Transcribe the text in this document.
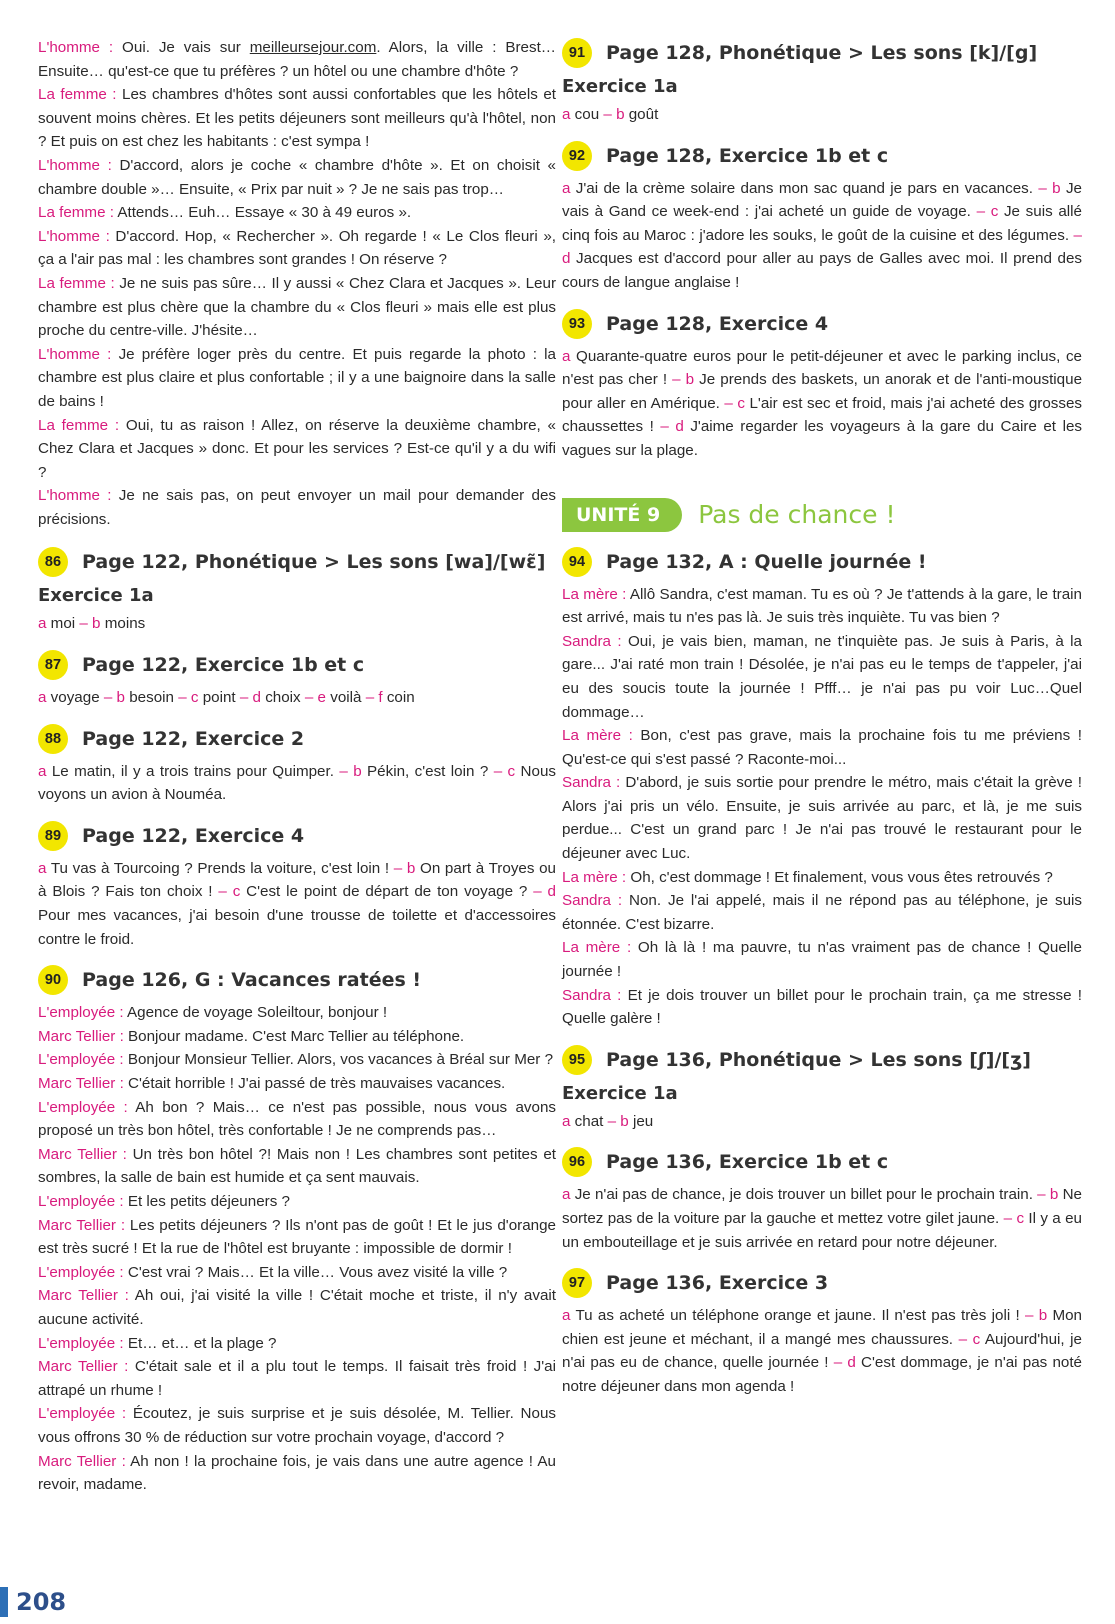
L'homme : Oui. Je vais sur meilleursejour.com. Alors, la ville : Brest… Ensuite… qu'est-ce que tu préfères ? un hôtel ou une chambre d'hôte ?

La femme : Les chambres d'hôtes sont aussi confortables que les hôtels et souvent moins chères. Et les petits déjeuners sont meilleurs qu'à l'hôtel, non ? Et puis on est chez les habitants : c'est sympa !

L'homme : D'accord, alors je coche « chambre d'hôte ». Et on choisit « chambre double »… Ensuite, « Prix par nuit » ? Je ne sais pas trop…

La femme : Attends… Euh… Essaye « 30 à 49 euros ».

L'homme : D'accord. Hop, « Rechercher ». Oh regarde ! « Le Clos fleuri », ça a l'air pas mal : les chambres sont grandes ! On réserve ?

La femme : Je ne suis pas sûre… Il y aussi « Chez Clara et Jacques ». Leur chambre est plus chère que la chambre du « Clos fleuri » mais elle est plus proche du centre-ville. J'hésite…

L'homme : Je préfère loger près du centre. Et puis regarde la photo : la chambre est plus claire et plus confortable ; il y a une baignoire dans la salle de bains !

La femme : Oui, tu as raison ! Allez, on réserve la deuxième chambre, « Chez Clara et Jacques » donc. Et pour les services ? Est-ce qu'il y a du wifi ?

L'homme : Je ne sais pas, on peut envoyer un mail pour demander des précisions.

86	Page 122, Phonétique > Les sons [wa]/[wɛ̃]
Exercice 1a

a moi – b moins

87	Page 122, Exercice 1b et c

a voyage – b besoin – c point – d choix – e voilà – f coin

88	Page 122, Exercice 2

a Le matin, il y a trois trains pour Quimper. – b Pékin, c'est loin ? – c Nous voyons un avion à Nouméa.

89	Page 122, Exercice 4

a Tu vas à Tourcoing ? Prends la voiture, c'est loin ! – b On part à Troyes ou à Blois ? Fais ton choix ! – c C'est le point de départ de ton voyage ? – d Pour mes vacances, j'ai besoin d'une trousse de toilette et d'accessoires contre le froid.

90	Page 126, G : Vacances ratées !

L'employée : Agence de voyage Soleiltour, bonjour !

Marc Tellier : Bonjour madame. C'est Marc Tellier au téléphone.

L'employée : Bonjour Monsieur Tellier. Alors, vos vacances à Bréal sur Mer ?

Marc Tellier : C'était horrible ! J'ai passé de très mauvaises vacances.

L'employée : Ah bon ? Mais… ce n'est pas possible, nous vous avons proposé un très bon hôtel, très confortable ! Je ne comprends pas…

Marc Tellier : Un très bon hôtel ?! Mais non ! Les chambres sont petites et sombres, la salle de bain est humide et ça sent mauvais.

L'employée : Et les petits déjeuners ?

Marc Tellier : Les petits déjeuners ? Ils n'ont pas de goût ! Et le jus d'orange est très sucré ! Et la rue de l'hôtel est bruyante : impossible de dormir !

L'employée : C'est vrai ? Mais… Et la ville… Vous avez visité la ville ?

Marc Tellier : Ah oui, j'ai visité la ville ! C'était moche et triste, il n'y avait aucune activité.

L'employée : Et… et… et la plage ?

Marc Tellier : C'était sale et il a plu tout le temps. Il faisait très froid ! J'ai attrapé un rhume !

L'employée : Écoutez, je suis surprise et je suis désolée, M. Tellier. Nous vous offrons 30 % de réduction sur votre prochain voyage, d'accord ?

Marc Tellier : Ah non ! la prochaine fois, je vais dans une autre agence ! Au revoir, madame.

91	Page 128, Phonétique > Les sons [k]/[g]
Exercice 1a

a cou – b goût

92	Page 128, Exercice 1b et c

a J'ai de la crème solaire dans mon sac quand je pars en vacances. – b Je vais à Gand ce week-end : j'ai acheté un guide de voyage. – c Je suis allé cinq fois au Maroc : j'adore les souks, le goût de la cuisine et des légumes. – d Jacques est d'accord pour aller au pays de Galles avec moi. Il prend des cours de langue anglaise !

93	Page 128, Exercice 4

a Quarante-quatre euros pour le petit-déjeuner et avec le parking inclus, ce n'est pas cher ! – b Je prends des baskets, un anorak et de l'anti-moustique pour aller en Amérique. – c L'air est sec et froid, mais j'ai acheté des grosses chaussettes ! – d J'aime regarder les voyageurs à la gare du Caire et les vagues sur la plage.

UNITÉ 9	Pas de chance !
94	Page 132, A : Quelle journée !

La mère : Allô Sandra, c'est maman. Tu es où ? Je t'attends à la gare, le train est arrivé, mais tu n'es pas là. Je suis très inquiète. Tu vas bien ?

Sandra : Oui, je vais bien, maman, ne t'inquiète pas. Je suis à Paris, à la gare... J'ai raté mon train ! Désolée, je n'ai pas eu le temps de t'appeler, j'ai eu des soucis toute la journée ! Pfff… je n'ai pas pu voir Luc…Quel dommage…

La mère : Bon, c'est pas grave, mais la prochaine fois tu me préviens ! Qu'est-ce qui s'est passé ? Raconte-moi...

Sandra : D'abord, je suis sortie pour prendre le métro, mais c'était la grève ! Alors j'ai pris un vélo. Ensuite, je suis arrivée au parc, et là, je me suis perdue... C'est un grand parc ! Je n'ai pas trouvé le restaurant pour le déjeuner avec Luc.

La mère : Oh, c'est dommage ! Et finalement, vous vous êtes retrouvés ?

Sandra : Non. Je l'ai appelé, mais il ne répond pas au téléphone, je suis étonnée. C'est bizarre.

La mère : Oh là là ! ma pauvre, tu n'as vraiment pas de chance ! Quelle journée !

Sandra : Et je dois trouver un billet pour le prochain train, ça me stresse ! Quelle galère !

95	Page 136, Phonétique > Les sons [ʃ]/[ʒ]
Exercice 1a

a chat – b jeu

96	Page 136, Exercice 1b et c

a Je n'ai pas de chance, je dois trouver un billet pour le prochain train. – b Ne sortez pas de la voiture par la gauche et mettez votre gilet jaune. – c Il y a eu un embouteillage et je suis arrivée en retard pour notre déjeuner.

97	Page 136, Exercice 3

a Tu as acheté un téléphone orange et jaune. Il n'est pas très joli ! – b Mon chien est jeune et méchant, il a mangé mes chaussures. – c Aujourd'hui, je n'ai pas eu de chance, quelle journée ! – d C'est dommage, je n'ai pas noté notre déjeuner dans mon agenda !

208
